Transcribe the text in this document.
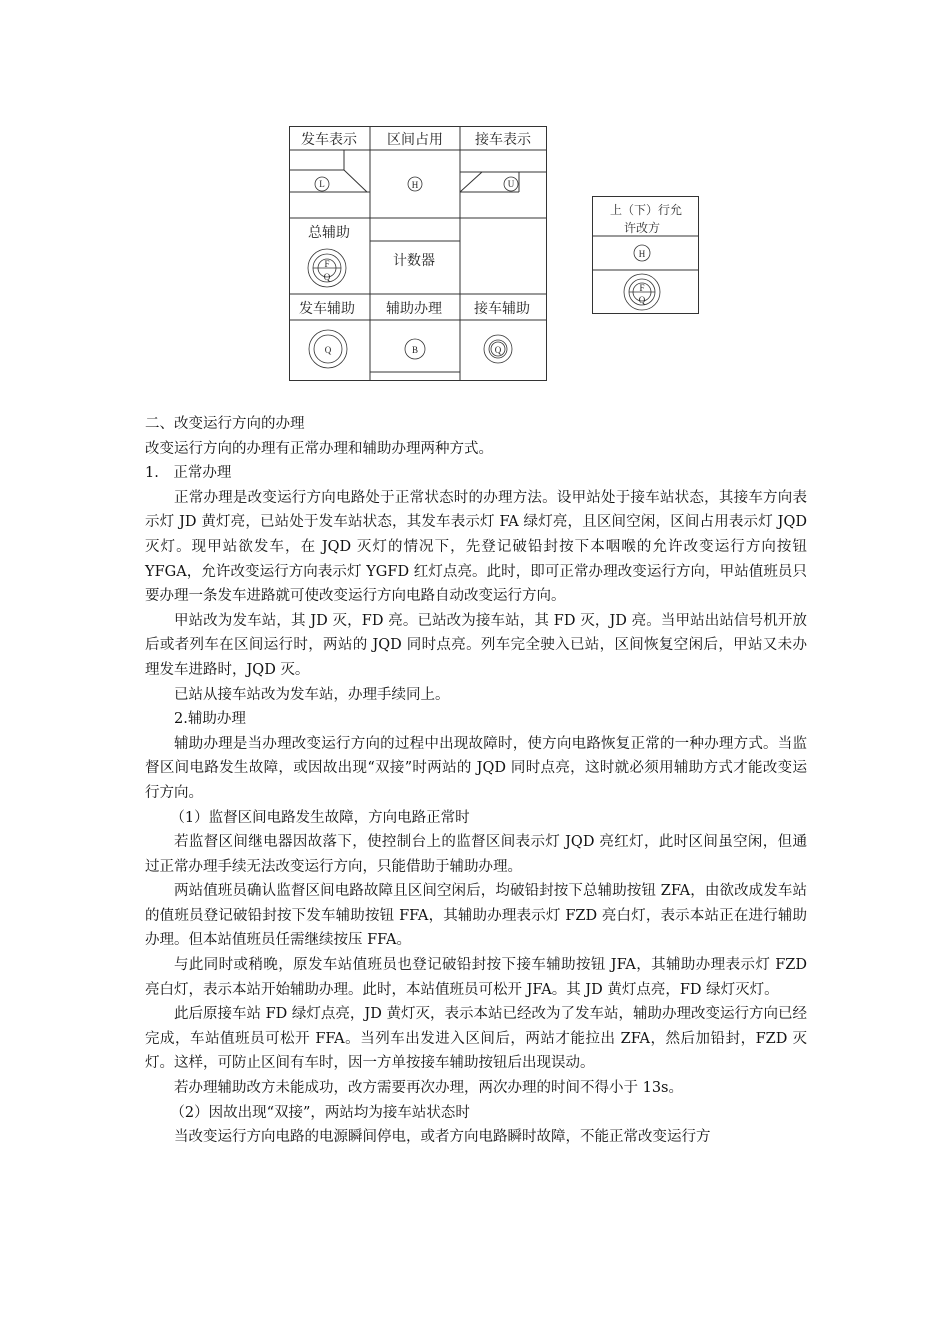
发车表示 区间占用 接车表示
L	H	U
总辅助
F
Q
计数器
发车辅助 辅助办理 接车辅助
Q	B	Q
上（下）行允
许改方
H
F
Q

二、改变运行方向的办理

改变运行方向的办理有正常办理和辅助办理两种方式。

1.　正常办理

正常办理是改变运行方向电路处于正常状态时的办理方法。设甲站处于接车站状态，其接车方向表示灯 JD 黄灯亮，已站处于发车站状态，其发车表示灯 FA 绿灯亮，且区间空闲，区间占用表示灯 JQD 灭灯。现甲站欲发车，在 JQD 灭灯的情况下，先登记破铅封按下本咽喉的允许改变运行方向按钮 YFGA，允许改变运行方向表示灯 YGFD 红灯点亮。此时，即可正常办理改变运行方向，甲站值班员只要办理一条发车进路就可使改变运行方向电路自动改变运行方向。

甲站改为发车站，其 JD 灭，FD 亮。已站改为接车站，其 FD 灭，JD 亮。当甲站出站信号机开放后或者列车在区间运行时，两站的 JQD 同时点亮。列车完全驶入已站，区间恢复空闲后，甲站又未办理发车进路时，JQD 灭。

已站从接车站改为发车站，办理手续同上。

2.辅助办理

辅助办理是当办理改变运行方向的过程中出现故障时，使方向电路恢复正常的一种办理方式。当监督区间电路发生故障，或因故出现“双接”时两站的 JQD 同时点亮，这时就必须用辅助方式才能改变运行方向。

（1）监督区间电路发生故障，方向电路正常时

若监督区间继电器因故落下，使控制台上的监督区间表示灯 JQD 亮红灯，此时区间虽空闲，但通过正常办理手续无法改变运行方向，只能借助于辅助办理。

两站值班员确认监督区间电路故障且区间空闲后，均破铅封按下总辅助按钮 ZFA，由欲改成发车站的值班员登记破铅封按下发车辅助按钮 FFA，其辅助办理表示灯 FZD 亮白灯，表示本站正在进行辅助办理。但本站值班员任需继续按压 FFA。

与此同时或稍晚，原发车站值班员也登记破铅封按下接车辅助按钮 JFA，其辅助办理表示灯 FZD 亮白灯，表示本站开始辅助办理。此时，本站值班员可松开 JFA。其 JD 黄灯点亮，FD 绿灯灭灯。

此后原接车站 FD 绿灯点亮，JD 黄灯灭，表示本站已经改为了发车站，辅助办理改变运行方向已经完成，车站值班员可松开 FFA。当列车出发进入区间后，两站才能拉出 ZFA，然后加铅封，FZD 灭灯。这样，可防止区间有车时，因一方单按接车辅助按钮后出现误动。

若办理辅助改方未能成功，改方需要再次办理，两次办理的时间不得小于 13s。

（2）因故出现“双接”，两站均为接车站状态时

当改变运行方向电路的电源瞬间停电，或者方向电路瞬时故障，不能正常改变运行方
